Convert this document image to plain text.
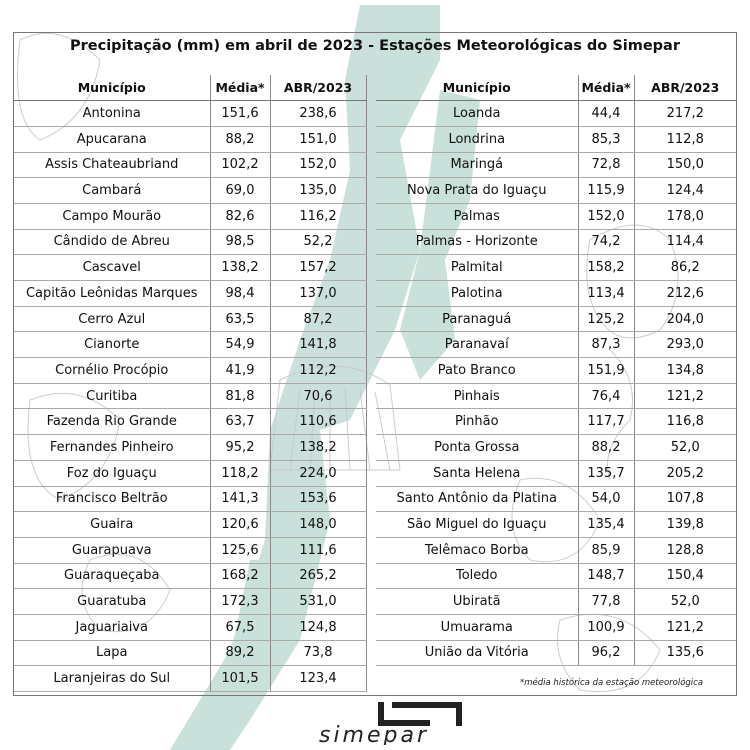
Precipitação (mm) em abril de 2023 - Estações Meteorológicas do Simepar
Município	Média*	ABR/2023
Antonina	151,6	238,6
Apucarana	88,2	151,0
Assis Chateaubriand	102,2	152,0
Cambará	69,0	135,0
Campo Mourão	82,6	116,2
Cândido de Abreu	98,5	52,2
Cascavel	138,2	157,2
Capitão Leônidas Marques	98,4	137,0
Cerro Azul	63,5	87,2
Cianorte	54,9	141,8
Cornélio Procópio	41,9	112,2
Curitiba	81,8	70,6
Fazenda Rio Grande	63,7	110,6
Fernandes Pinheiro	95,2	138,2
Foz do Iguaçu	118,2	224,0
Francisco Beltrão	141,3	153,6
Guaira	120,6	148,0
Guarapuava	125,6	111,6
Guaraqueçaba	168,2	265,2
Guaratuba	172,3	531,0
Jaguariaiva	67,5	124,8
Lapa	89,2	73,8
Laranjeiras do Sul	101,5	123,4
Município	Média*	ABR/2023
Loanda	44,4	217,2
Londrina	85,3	112,8
Maringá	72,8	150,0
Nova Prata do Iguaçu	115,9	124,4
Palmas	152,0	178,0
Palmas - Horizonte	74,2	114,4
Palmital	158,2	86,2
Palotina	113,4	212,6
Paranaguá	125,2	204,0
Paranavaí	87,3	293,0
Pato Branco	151,9	134,8
Pinhais	76,4	121,2
Pinhão	117,7	116,8
Ponta Grossa	88,2	52,0
Santa Helena	135,7	205,2
Santo Antônio da Platina	54,0	107,8
São Miguel do Iguaçu	135,4	139,8
Telêmaco Borba	85,9	128,8
Toledo	148,7	150,4
Ubiratã	77,8	52,0
Umuarama	100,9	121,2
União da Vitória	96,2	135,6
*média histórica da estação meteorológica
simepar
